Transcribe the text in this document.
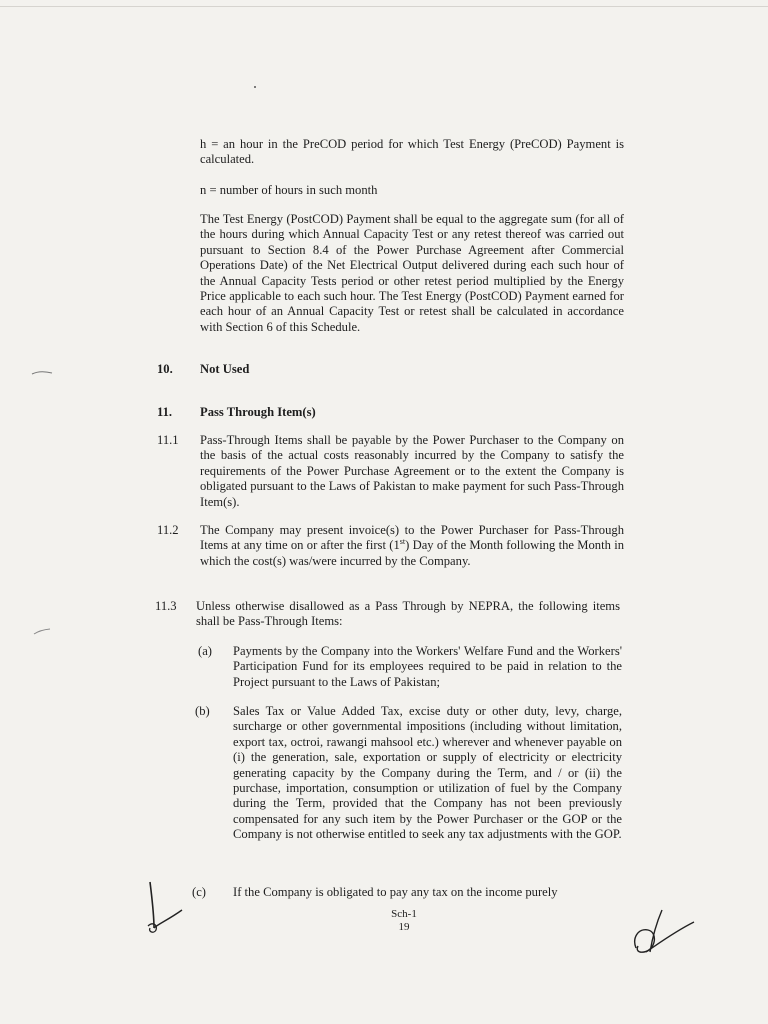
h = an hour in the PreCOD period for which Test Energy (PreCOD) Payment is calculated.
n = number of hours in such month
The Test Energy (PostCOD) Payment shall be equal to the aggregate sum (for all of the hours during which Annual Capacity Test or any retest thereof was carried out pursuant to Section 8.4 of the Power Purchase Agreement after Commercial Operations Date) of the Net Electrical Output delivered during each such hour of the Annual Capacity Tests period or other retest period multiplied by the Energy Price applicable to each such hour. The Test Energy (PostCOD) Payment earned for each hour of an Annual Capacity Test or retest shall be calculated in accordance with Section 6 of this Schedule.
10. Not Used
11. Pass Through Item(s)
11.1 Pass-Through Items shall be payable by the Power Purchaser to the Company on the basis of the actual costs reasonably incurred by the Company to satisfy the requirements of the Power Purchase Agreement or to the extent the Company is obligated pursuant to the Laws of Pakistan to make payment for such Pass-Through Item(s).
11.2 The Company may present invoice(s) to the Power Purchaser for Pass-Through Items at any time on or after the first (1st) Day of the Month following the Month in which the cost(s) was/were incurred by the Company.
11.3 Unless otherwise disallowed as a Pass Through by NEPRA, the following items shall be Pass-Through Items:
(a) Payments by the Company into the Workers' Welfare Fund and the Workers' Participation Fund for its employees required to be paid in relation to the Project pursuant to the Laws of Pakistan;
(b) Sales Tax or Value Added Tax, excise duty or other duty, levy, charge, surcharge or other governmental impositions (including without limitation, export tax, octroi, rawangi mahsool etc.) wherever and whenever payable on (i) the generation, sale, exportation or supply of electricity or electricity generating capacity by the Company during the Term, and / or (ii) the purchase, importation, consumption or utilization of fuel by the Company during the Term, provided that the Company has not been previously compensated for any such item by the Power Purchaser or the GOP or the Company is not otherwise entitled to seek any tax adjustments with the GOP.
(c) If the Company is obligated to pay any tax on the income purely
Sch-1
19
